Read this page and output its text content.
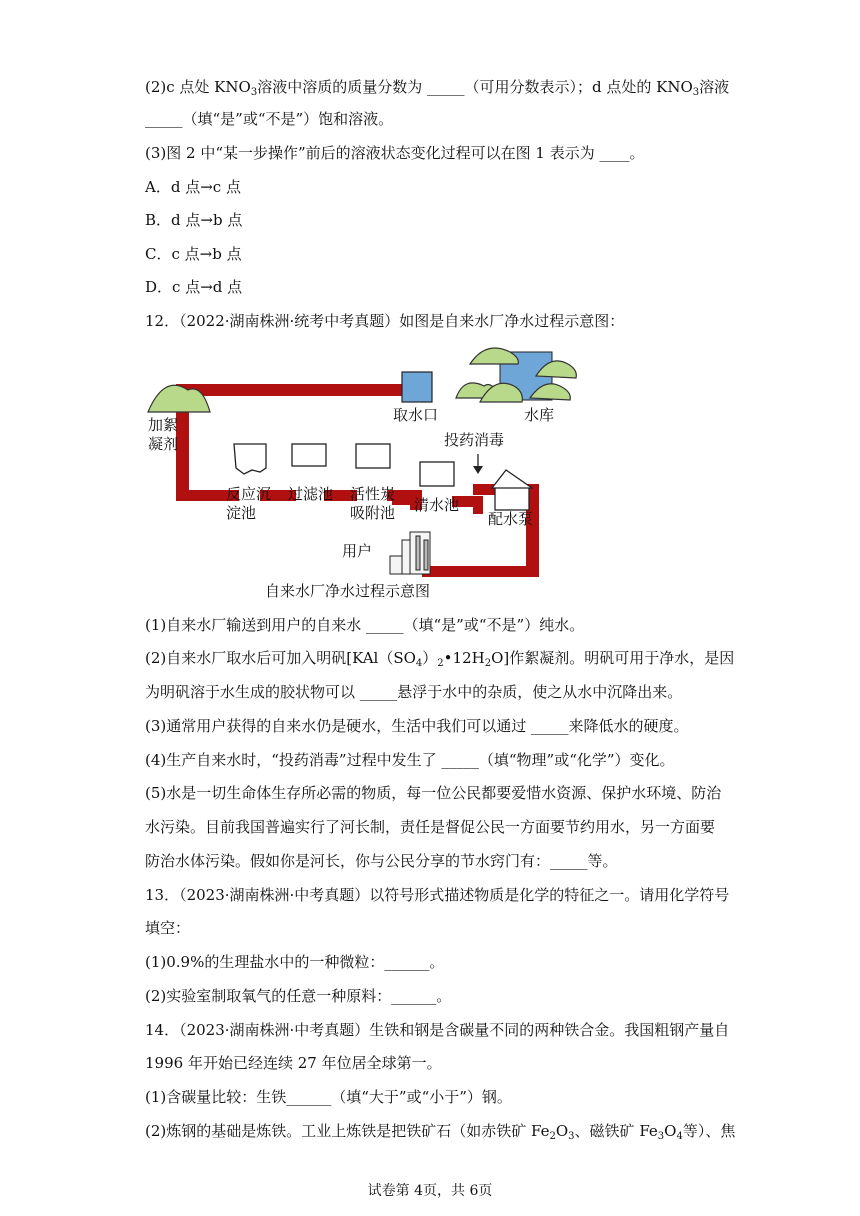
(2)c 点处 $KNO_3$溶液中溶质的质量分数为 _____（可用分数表示）；d 点处的 $KNO_3$溶液
_____（填“是”或“不是”）饱和溶液。
(3)图 2 中“某一步操作”前后的溶液状态变化过程可以在图 1 表示为 ____。
A．d 点→c 点
B．d 点→b 点
C．c 点→b 点
D．c 点→d 点
12．（2022·湖南株洲·统考中考真题）如图是自来水厂净水过程示意图：
加絮
凝剂
取水口	水库
投药消毒
反应沉
淀池
过滤池 活性炭
吸附池 清水池
配水泵
用户
自来水厂净水过程示意图
(1)自来水厂输送到用户的自来水 _____（填“是”或“不是”）纯水。
(2)自来水厂取水后可加入明矾$[KAl(SO_4)_2•12H_2O]$作絮凝剂。明矾可用于净水，是因
为明矾溶于水生成的胶状物可以 _____悬浮于水中的杂质，使之从水中沉降出来。
(3)通常用户获得的自来水仍是硬水，生活中我们可以通过 _____来降低水的硬度。
(4)生产自来水时，“投药消毒”过程中发生了 _____（填“物理”或“化学”）变化。
(5)水是一切生命体生存所必需的物质，每一位公民都要爱惜水资源、保护水环境、防治
水污染。目前我国普遍实行了河长制，责任是督促公民一方面要节约用水，另一方面要
防治水体污染。假如你是河长，你与公民分享的节水窍门有：_____等。
13．（2023·湖南株洲·中考真题）以符号形式描述物质是化学的特征之一。请用化学符号
填空：
(1)0.9%的生理盐水中的一种微粒：______。
(2)实验室制取氧气的任意一种原料：______。
14．（2023·湖南株洲·中考真题）生铁和钢是含碳量不同的两种铁合金。我国粗钢产量自
1996 年开始已经连续 27 年位居全球第一。
(1)含碳量比较：生铁______（填“大于”或“小于”）钢。
(2)炼钢的基础是炼铁。工业上炼铁是把铁矿石（如赤铁矿 $Fe_2O_3$、磁铁矿 $Fe_3O_4$等）、焦
试卷第 4页，共 6页
